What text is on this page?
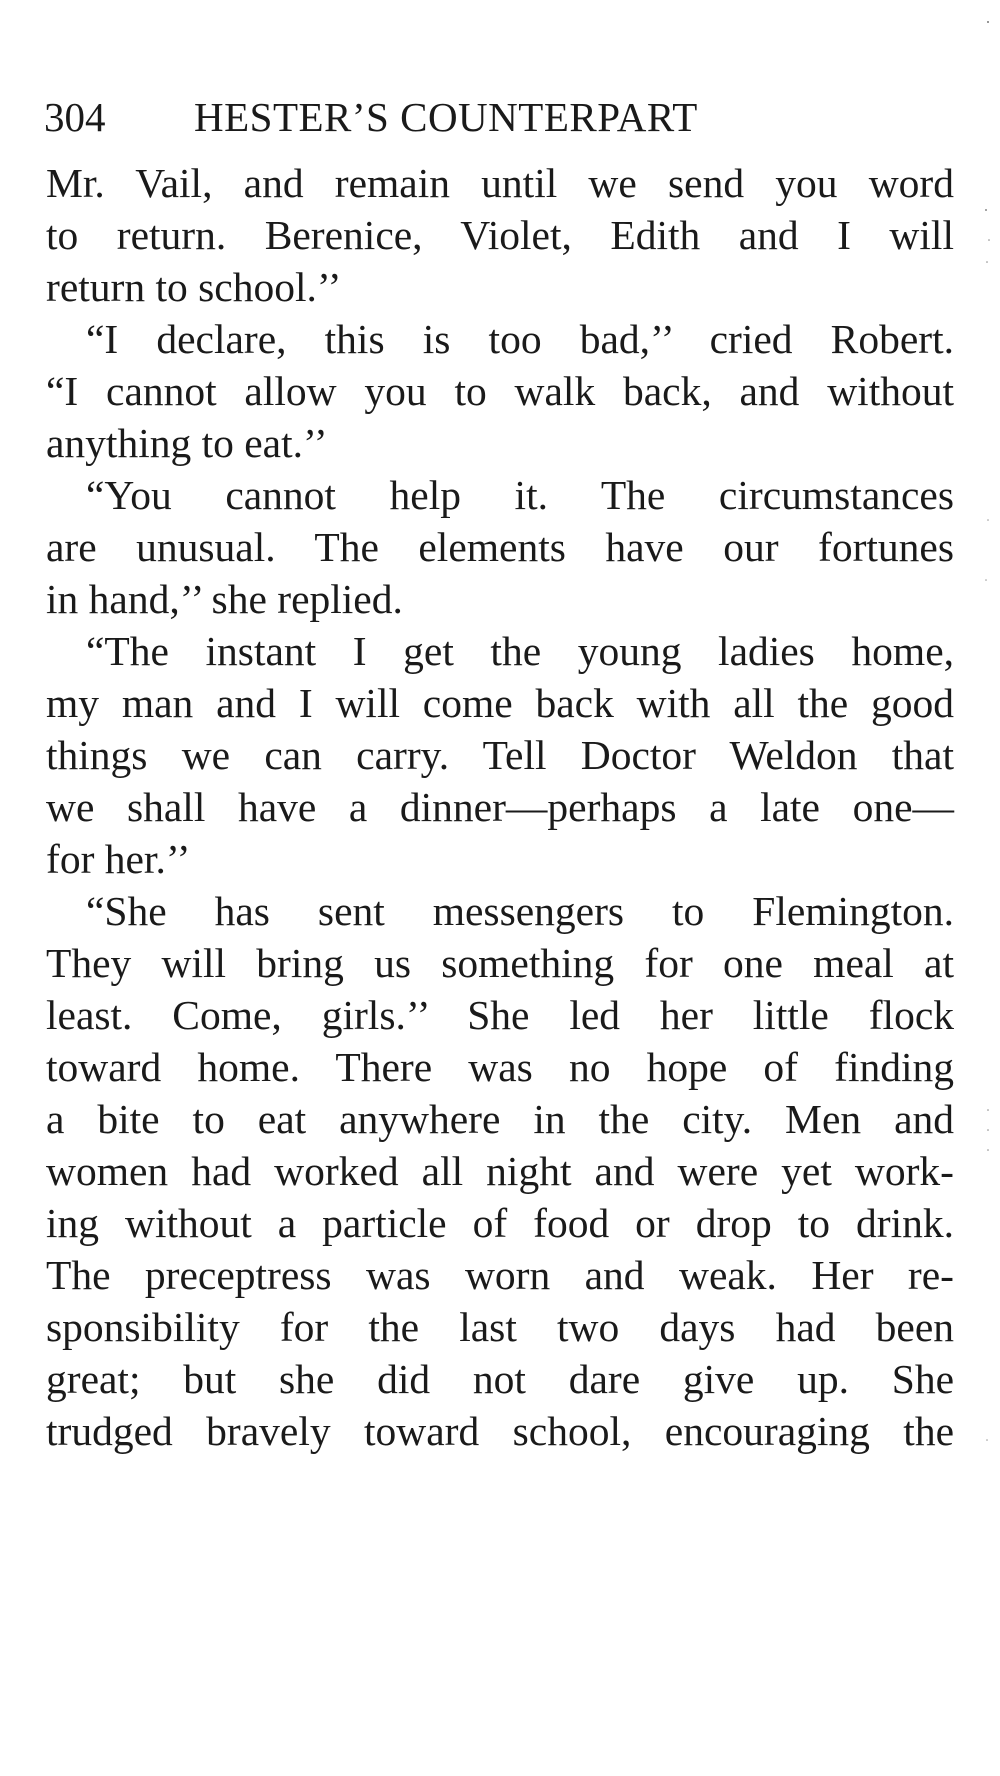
304 HESTER’S COUNTERPART
Mr. Vail, and remain until we send you word
to return. Berenice, Violet, Edith and I will
return to school.’’
“I declare, this is too bad,’’ cried Robert.
“I cannot allow you to walk back, and without
anything to eat.’’
“You cannot help it. The circumstances
are unusual. The elements have our fortunes
in hand,’’ she replied.
“The instant I get the young ladies home,
my man and I will come back with all the good
things we can carry. Tell Doctor Weldon that
we shall have a dinner—perhaps a late one—
for her.’’
“She has sent messengers to Flemington.
They will bring us something for one meal at
least. Come, girls.’’ She led her little flock
toward home. There was no hope of finding
a bite to eat anywhere in the city. Men and
women had worked all night and were yet work-
ing without a particle of food or drop to drink.
The preceptress was worn and weak. Her re-
sponsibility for the last two days had been
great; but she did not dare give up. She
trudged bravely toward school, encouraging the
